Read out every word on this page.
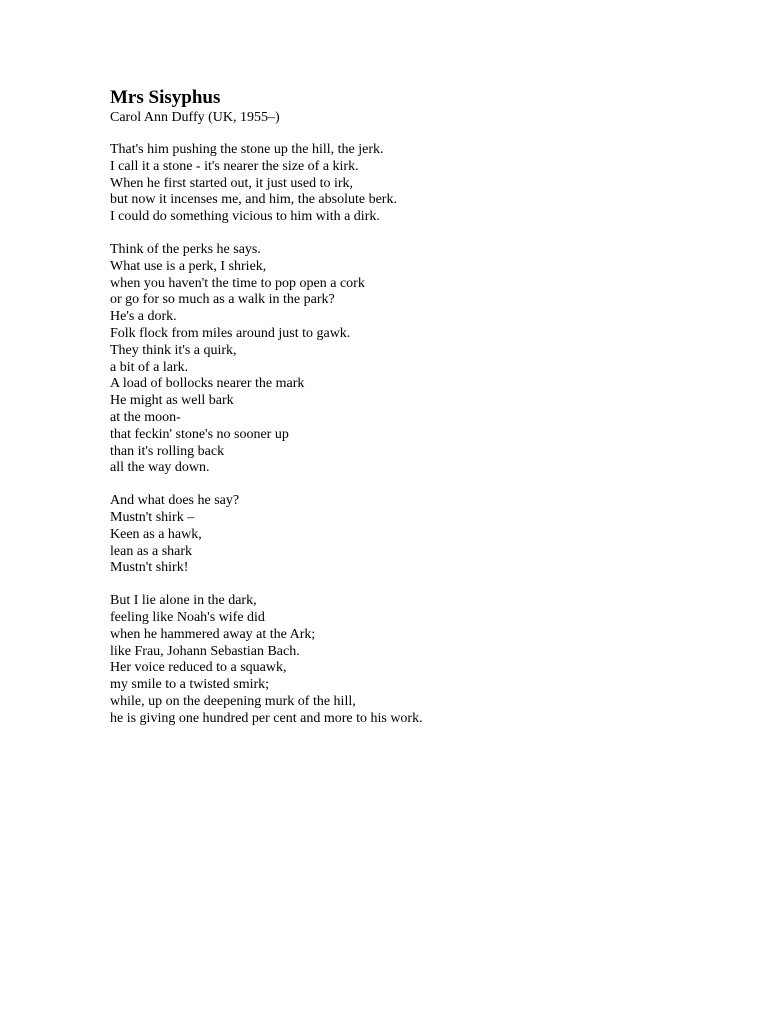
Mrs Sisyphus
Carol Ann Duffy (UK, 1955–)
That's him pushing the stone up the hill, the jerk.
I call it a stone - it's nearer the size of a kirk.
When he first started out, it just used to irk,
but now it incenses me, and him, the absolute berk.
I could do something vicious to him with a dirk.
Think of the perks he says.
What use is a perk, I shriek,
when you haven't the time to pop open a cork
or go for so much as a walk in the park?
He's a dork.
Folk flock from miles around just to gawk.
They think it's a quirk,
a bit of a lark.
A load of bollocks nearer the mark
He might as well bark
at the moon-
that feckin' stone's no sooner up
than it's rolling back
all the way down.
And what does he say?
Mustn't shirk –
Keen as a hawk,
lean as a shark
Mustn't shirk!
But I lie alone in the dark,
feeling like Noah's wife did
when he hammered away at the Ark;
like Frau, Johann Sebastian Bach.
Her voice reduced to a squawk,
my smile to a twisted smirk;
while, up on the deepening murk of the hill,
he is giving one hundred per cent and more to his work.
